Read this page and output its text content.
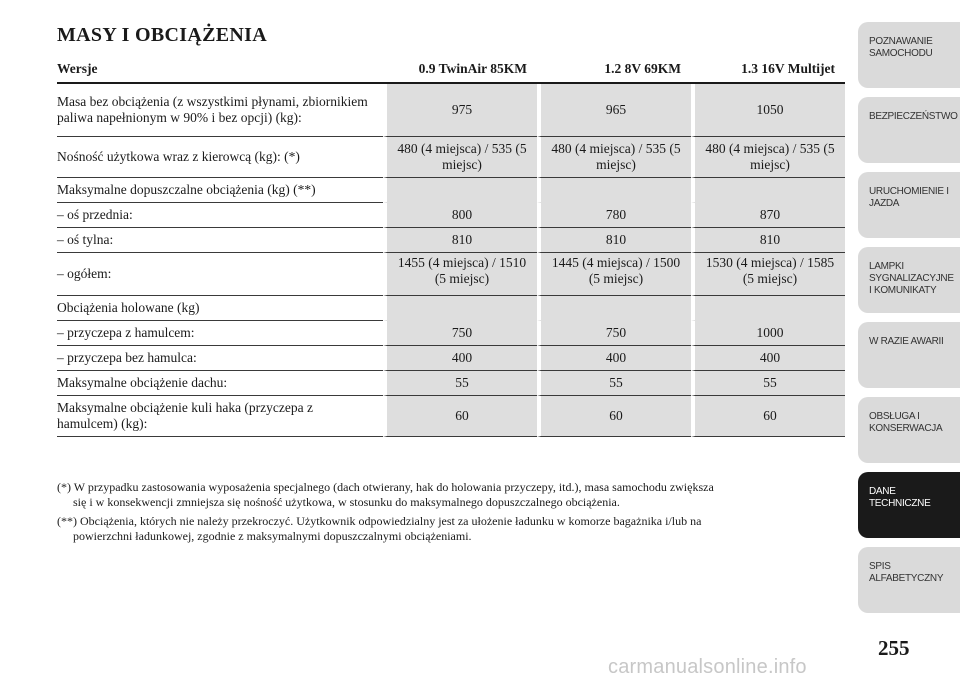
MASY I OBCIĄŻENIA
Wersje	0.9 TwinAir 85KM	1.2 8V 69KM	1.3 16V Multijet
Masa bez obciążenia (z wszystkimi płynami, zbiornikiem paliwa napełnionym w 90% i bez opcji) (kg):	975	965	1050
Nośność użytkowa wraz z kierowcą (kg): (*)	480 (4 miejsca) / 535 (5 miejsc)	480 (4 miejsca) / 535 (5 miejsc)	480 (4 miejsca) / 535 (5 miejsc)
Maksymalne dopuszczalne obciążenia (kg) (**)			
– oś przednia:	800	780	870
– oś tylna:	810	810	810
– ogółem:	1455 (4 miejsca) / 1510 (5 miejsc)	1445 (4 miejsca) / 1500 (5 miejsc)	1530 (4 miejsca) / 1585 (5 miejsc)
Obciążenia holowane (kg)			
– przyczepa z hamulcem:	750	750	1000
– przyczepa bez hamulca:	400	400	400
Maksymalne obciążenie dachu:	55	55	55
Maksymalne obciążenie kuli haka (przyczepa z hamulcem) (kg):	60	60	60
(*) W przypadku zastosowania wyposażenia specjalnego (dach otwierany, hak do holowania przyczepy, itd.), masa samochodu zwiększa
się i w konsekwencji zmniejsza się nośność użytkowa, w stosunku do maksymalnego dopuszczalnego obciążenia.
(**) Obciążenia, których nie należy przekroczyć. Użytkownik odpowiedzialny jest za ułożenie ładunku w komorze bagażnika i/lub na
powierzchni ładunkowej, zgodnie z maksymalnymi dopuszczalnymi obciążeniami.
POZNAWANIE
SAMOCHODU
BEZPIECZEŃSTWO
URUCHOMIENIE I
JAZDA
LAMPKI
SYGNALIZACYJNE
I KOMUNIKATY
W RAZIE AWARII
OBSŁUGA I
KONSERWACJA
DANE
TECHNICZNE
SPIS
ALFABETYCZNY
255
carmanualsonline.info
